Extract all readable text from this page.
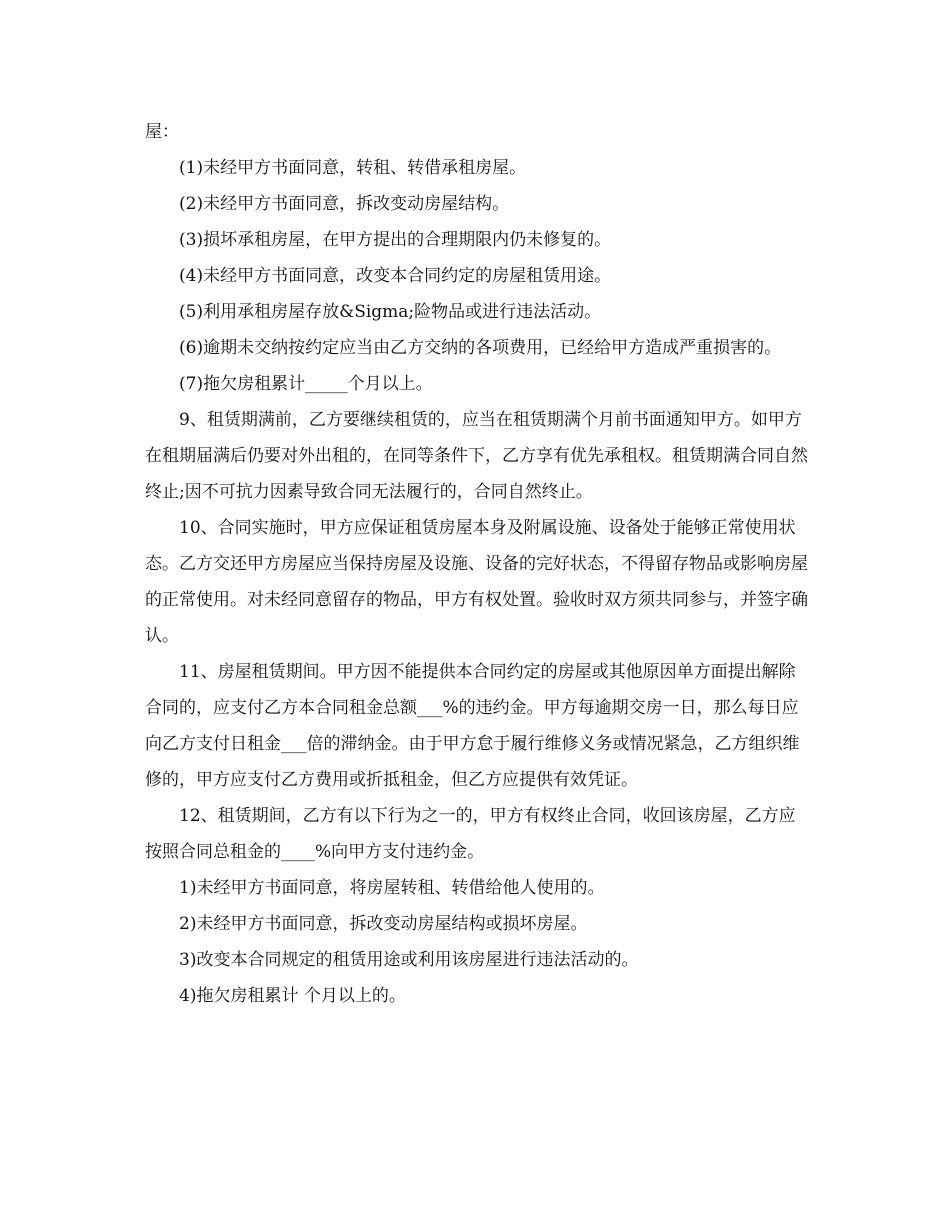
屋：

(1)未经甲方书面同意，转租、转借承租房屋。

(2)未经甲方书面同意，拆改变动房屋结构。

(3)损坏承租房屋，在甲方提出的合理期限内仍未修复的。

(4)未经甲方书面同意，改变本合同约定的房屋租赁用途。

(5)利用承租房屋存放&Sigma;险物品或进行违法活动。

(6)逾期未交纳按约定应当由乙方交纳的各项费用，已经给甲方造成严重损害的。

(7)拖欠房租累计_____个月以上。

9、租赁期满前，乙方要继续租赁的，应当在租赁期满个月前书面通知甲方。如甲方在租期届满后仍要对外出租的，在同等条件下，乙方享有优先承租权。租赁期满合同自然终止;因不可抗力因素导致合同无法履行的，合同自然终止。

10、合同实施时，甲方应保证租赁房屋本身及附属设施、设备处于能够正常使用状态。乙方交还甲方房屋应当保持房屋及设施、设备的完好状态，不得留存物品或影响房屋的正常使用。对未经同意留存的物品，甲方有权处置。验收时双方须共同参与，并签字确认。

11、房屋租赁期间。甲方因不能提供本合同约定的房屋或其他原因单方面提出解除合同的，应支付乙方本合同租金总额___%的违约金。甲方每逾期交房一日，那么每日应向乙方支付日租金___倍的滞纳金。由于甲方怠于履行维修义务或情况紧急，乙方组织维修的，甲方应支付乙方费用或折抵租金，但乙方应提供有效凭证。

12、租赁期间，乙方有以下行为之一的，甲方有权终止合同，收回该房屋，乙方应按照合同总租金的____%向甲方支付违约金。

1)未经甲方书面同意，将房屋转租、转借给他人使用的。

2)未经甲方书面同意，拆改变动房屋结构或损坏房屋。

3)改变本合同规定的租赁用途或利用该房屋进行违法活动的。

4)拖欠房租累计 个月以上的。
